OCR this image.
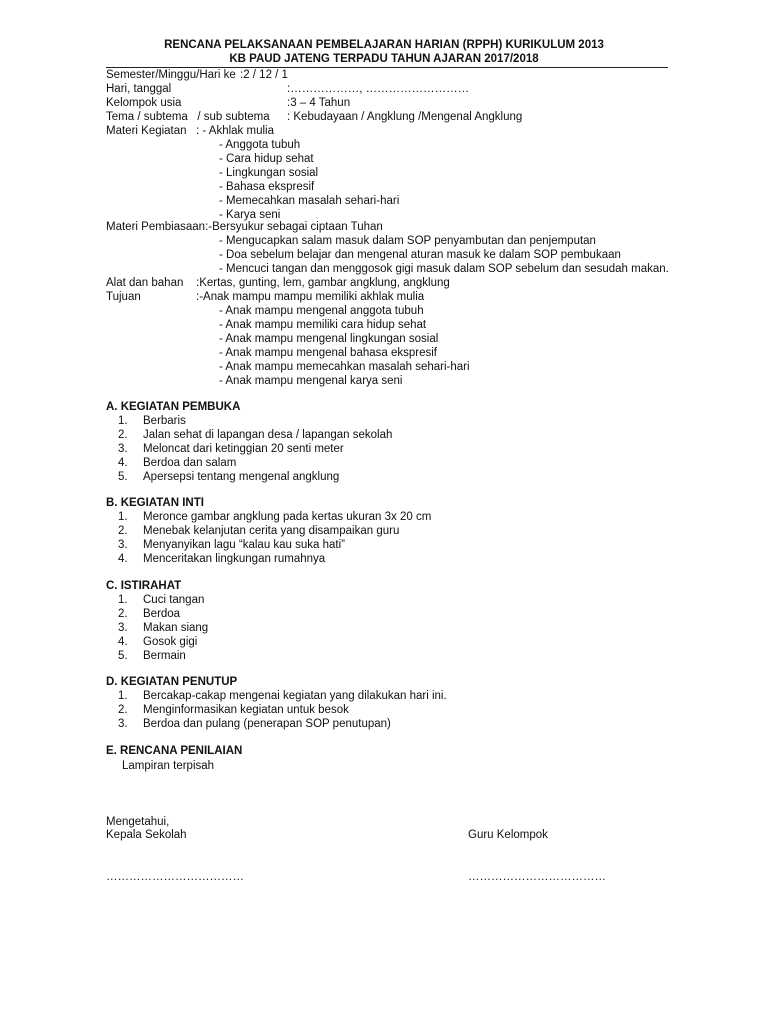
RENCANA PELAKSANAAN PEMBELAJARAN HARIAN (RPPH) KURIKULUM 2013
KB PAUD JATENG TERPADU TAHUN AJARAN 2017/2018
Semester/Minggu/Hari ke :2 / 12 / 1
Hari, tanggal	:………………, ………………………
Kelompok usia	:3 – 4 Tahun
Tema / subtema   / sub subtema : Kebudayaan / Angklung /Mengenal Angklung
Materi Kegiatan : - Akhlak mulia
- Anggota tubuh
- Cara hidup sehat
- Lingkungan sosial
- Bahasa ekspresif
- Memecahkan masalah sehari-hari
- Karya seni
Materi Pembiasaan:-Bersyukur sebagai ciptaan Tuhan
- Mengucapkan salam masuk dalam SOP penyambutan dan penjemputan
- Doa sebelum belajar dan mengenal aturan masuk ke dalam SOP pembukaan
- Mencuci tangan dan menggosok gigi masuk dalam SOP sebelum dan sesudah makan.
Alat dan bahan :Kertas, gunting, lem, gambar angklung, angklung
Tujuan	:-Anak mampu mampu memiliki akhlak mulia
- Anak mampu mengenal anggota tubuh
- Anak mampu memiliki cara hidup sehat
- Anak mampu mengenal lingkungan sosial
- Anak mampu mengenal bahasa ekspresif
- Anak mampu memecahkan masalah sehari-hari
- Anak mampu mengenal karya seni
A. KEGIATAN PEMBUKA
1. Berbaris
2. Jalan sehat di lapangan desa / lapangan sekolah
3. Meloncat dari ketinggian 20 senti meter
4. Berdoa dan salam
5. Apersepsi tentang mengenal angklung
B. KEGIATAN INTI
1. Meronce gambar angklung pada kertas ukuran 3x 20 cm
2. Menebak kelanjutan cerita yang disampaikan guru
3. Menyanyikan lagu “kalau kau suka hati”
4. Menceritakan lingkungan rumahnya
C. ISTIRAHAT
1. Cuci tangan
2. Berdoa
3. Makan siang
4. Gosok gigi
5. Bermain
D. KEGIATAN PENUTUP
1. Bercakap-cakap mengenai kegiatan yang dilakukan hari ini.
2. Menginformasikan kegiatan untuk besok
3. Berdoa dan pulang (penerapan SOP penutupan)
E. RENCANA PENILAIAN
Lampiran terpisah
Mengetahui,
Kepala Sekolah	Guru Kelompok
………………………………	………………………………
